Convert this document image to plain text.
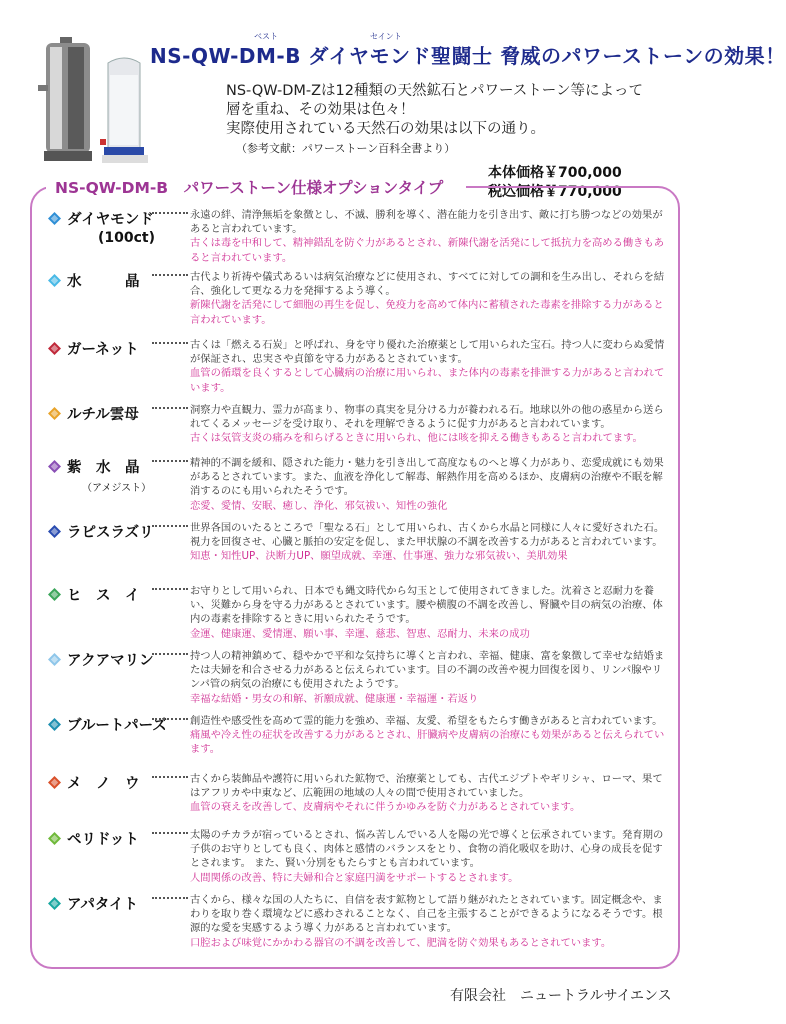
NS-QW-DM-B ダイヤモンド聖闘士 脅威のパワーストーンの効果！
ベスト	セイント
NS-QW-DM-Zは12種類の天然鉱石とパワーストーン等によって
層を重ね、その効果は色々！
実際使用されている天然石の効果は以下の通り。
（参考文献：パワーストーン百科全書より）
本体価格￥700,000
税込価格￥770,000
NS-QW-DM-B　パワーストーン仕様オプションタイプ
ダイヤモンド
(100ct)
永遠の絆、清浄無垢を象徴とし、不滅、勝利を導く、潜在能力を引き出す、敵に打ち勝つなどの効果があると言われています。
古くは毒を中和して、精神錯乱を防ぐ力があるとされ、新陳代謝を活発にして抵抗力を高める働きもあると言われています。
水　　　晶	古代より祈祷や儀式あるいは病気治療などに使用され、すべてに対しての調和を生み出し、それらを結合、強化して更なる力を発揮するよう導く。
新陳代謝を活発にして細胞の再生を促し、免疫力を高めて体内に蓄積された毒素を排除する力があると言われています。
ガーネット	古くは「燃える石炭」と呼ばれ、身を守り優れた治療薬として用いられた宝石。持つ人に変わらぬ愛情が保証され、忠実さや貞節を守る力があるとされています。
血管の循環を良くするとして心臓病の治療に用いられ、また体内の毒素を排泄する力があると言われています。
ルチル雲母	洞察力や直観力、霊力が高まり、物事の真実を見分ける力が養われる石。地球以外の他の惑星から送られてくるメッセージを受け取り、それを理解できるように促す力があると言われています。
古くは気管支炎の痛みを和らげるときに用いられ、他には咳を抑える働きもあると言われてます。
紫　水　晶
（アメジスト）
精神的不調を緩和、隠された能力・魅力を引き出して高度なものへと導く力があり、恋愛成就にも効果があるとされています。また、血液を浄化して解毒、解熱作用を高めるほか、皮膚病の治療や不眠を解消するのにも用いられたそうです。
恋愛、愛情、安眠、癒し、浄化、邪気祓い、知性の強化
ラピスラズリ	世界各国のいたるところで「聖なる石」として用いられ、古くから水晶と同様に人々に愛好された石。視力を回復させ、心臓と脈拍の安定を促し、また甲状腺の不調を改善する力があると言われています。
知恵・知性UP、決断力UP、願望成就、幸運、仕事運、強力な邪気祓い、美肌効果
ヒ　ス　イ	お守りとして用いられ、日本でも縄文時代から勾玉として使用されてきました。沈着さと忍耐力を養い、災難から身を守る力があるとされています。腰や横腹の不調を改善し、腎臓や目の病気の治療、体内の毒素を排除するときに用いられたそうです。
金運、健康運、愛情運、願い事、幸運、慈悲、智恵、忍耐力、未来の成功
アクアマリン	持つ人の精神鎮めて、穏やかで平和な気持ちに導くと言われ、幸福、健康、富を象徴して幸せな結婚または夫婦を和合させる力があると伝えられています。目の不調の改善や視力回復を図り、リンパ腺やリンパ管の病気の治療にも使用されたようです。
幸福な結婚・男女の和解、祈願成就、健康運・幸福運・若返り
ブルートパーズ	創造性や感受性を高めて霊的能力を強め、幸福、友愛、希望をもたらす働きがあると言われています。
痛風や冷え性の症状を改善する力があるとされ、肝臓病や皮膚病の治療にも効果があると伝えられています。
メ　ノ　ウ	古くから装飾品や護符に用いられた鉱物で、治療薬としても、古代エジプトやギリシャ、ローマ、果てはアフリカや中東など、広範囲の地域の人々の間で使用されていました。
血管の衰えを改善して、皮膚病やそれに伴うかゆみを防ぐ力があるとされています。
ペリドット	太陽のチカラが宿っているとされ、悩み苦しんでいる人を陽の光で導くと伝承されています。発育期の子供のお守りとしても良く、肉体と感情のバランスをとり、食物の消化吸収を助け、心身の成長を促すとされます。 また、賢い分別をもたらすとも言われています。
人間関係の改善、特に夫婦和合と家庭円満をサポートするとされます。
アパタイト	古くから、様々な国の人たちに、自信を表す鉱物として語り継がれたとされています。固定概念や、まわりを取り巻く環境などに惑わされることなく、自己を主張することができるようになるそうです。根源的な愛を実感するよう導く力があると言われています。
口腔および味覚にかかわる器官の不調を改善して、肥満を防ぐ効果もあるとされています。
有限会社　ニュートラルサイエンス
